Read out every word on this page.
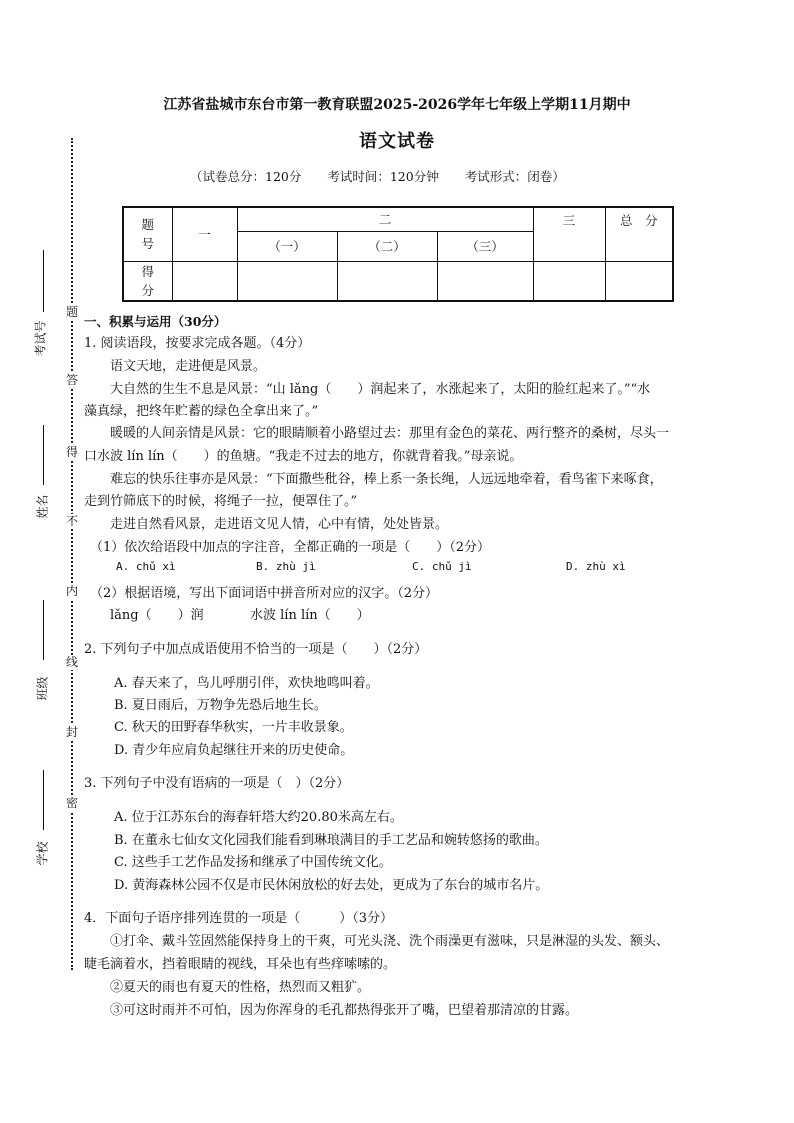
江苏省盐城市东台市第一教育联盟2025-2026学年七年级上学期11月期中
语文试卷
（试卷总分：120分 考试时间：120分钟 考试形式：闭卷）
题
号	一	二			三	总　分
		（一）	（二）	（三）		

得
分						

题
答
得
不
内
线
封
密
考试号
姓名
班级
学校
一、积累与运用（30分）
1. 阅读语段，按要求完成各题。（4分）
语文天地，走进便是风景。
大自然的生生不息是风景：“山 lǎng（　　）润起来了，水涨起来了，太阳的脸红起来了。”“水
藻真绿，把终年贮蓄的绿色全拿出来了。”
暖暖的人间亲情是风景：它的眼睛顺着小路望过去：那里有金色的菜花、两行整齐的桑树，尽头一
口水波 lín lín（　　）的鱼塘。“我走不过去的地方，你就背着我。”母亲说。
难忘的快乐往事亦是风景：“下面撒些秕谷，棒上系一条长绳，人远远地牵着，看鸟雀下来啄食，
走到竹筛底下的时候，将绳子一拉，便罩住了。”
走进自然看风景，走进语文见人情，心中有情，处处皆景。
（1）依次给语段中加点的字注音，全都正确的一项是（　　）（2分）
A. chǔ xì	B. zhù jì	C. chǔ jì	D. zhù xì
（2）根据语境，写出下面词语中拼音所对应的汉字。（2分）
lǎng（　　）润	水波 lín lín（　　）
2. 下列句子中加点成语使用不恰当的一项是（　　）（2分）
A. 春天来了，鸟儿呼朋引伴，欢快地鸣叫着。
B. 夏日雨后，万物争先恐后地生长。
C. 秋天的田野春华秋实，一片丰收景象。
D. 青少年应肩负起继往开来的历史使命。
3. 下列句子中没有语病的一项是（　）（2分）
A. 位于江苏东台的海春轩塔大约20.80米高左右。
B. 在董永七仙女文化园我们能看到琳琅满目的手工艺品和婉转悠扬的歌曲。
C. 这些手工艺作品发扬和继承了中国传统文化。
D. 黄海森林公园不仅是市民休闲放松的好去处，更成为了东台的城市名片。
4．下面句子语序排列连贯的一项是（　　　）（3分）
①打伞、戴斗笠固然能保持身上的干爽，可光头浇、洗个雨澡更有滋味，只是淋湿的头发、额头、
睫毛滴着水，挡着眼睛的视线，耳朵也有些痒嗦嗦的。
②夏天的雨也有夏天的性格，热烈而又粗犷。
③可这时雨并不可怕，因为你浑身的毛孔都热得张开了嘴，巴望着那清凉的甘露。
